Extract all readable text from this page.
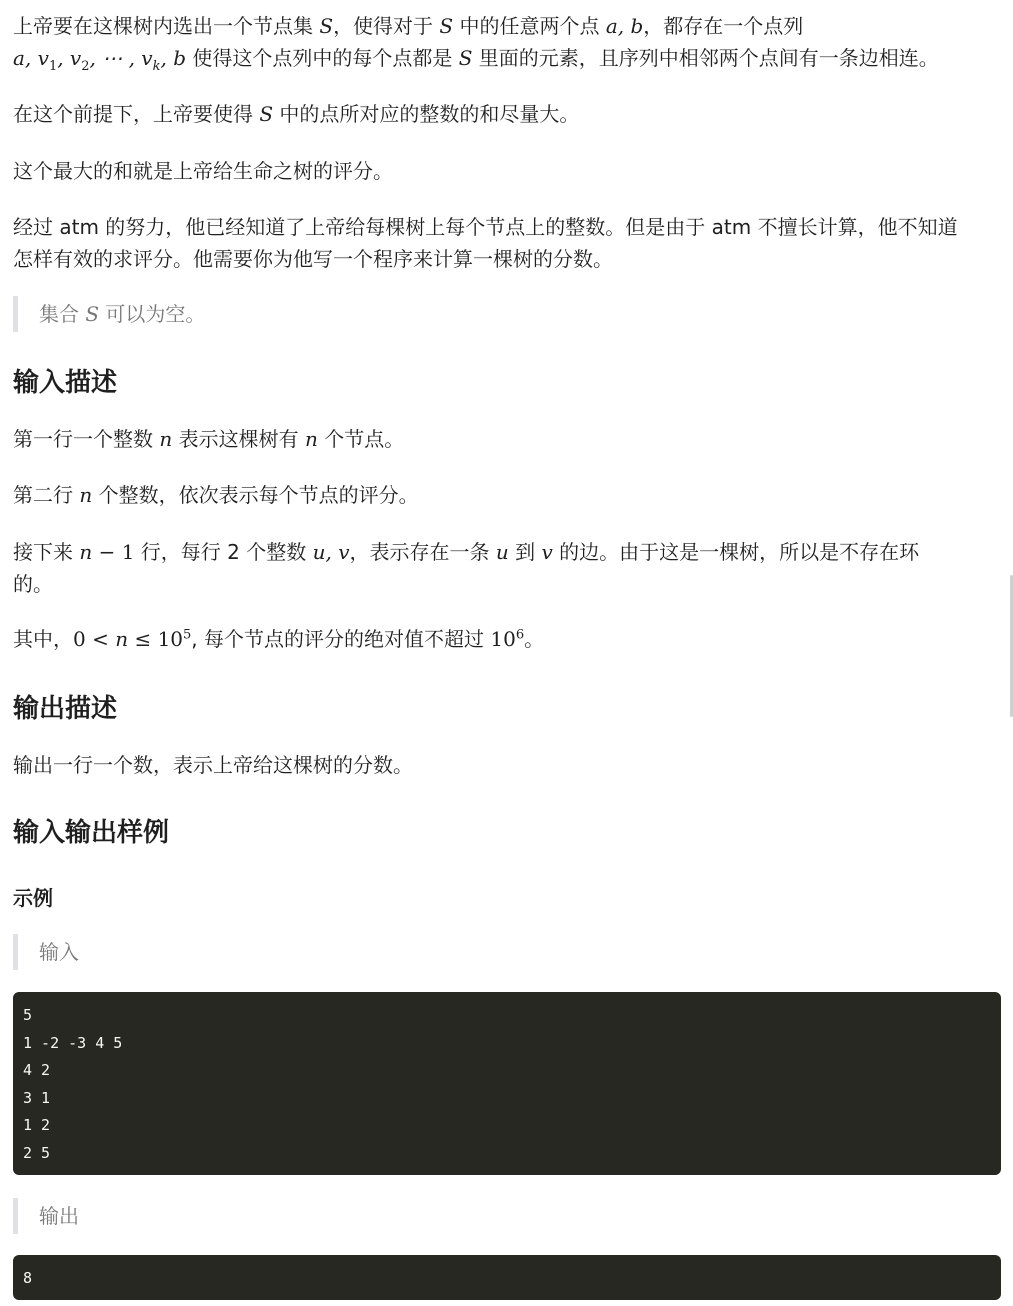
上帝要在这棵树内选出一个节点集 S，使得对于 S 中的任意两个点 a, b，都存在一个点列

a, $v_1$, $v_2$, ⋯ , $v_k$, b 使得这个点列中的每个点都是 S 里面的元素，且序列中相邻两个点间有一条边相连。

在这个前提下，上帝要使得 S 中的点所对应的整数的和尽量大。

这个最大的和就是上帝给生命之树的评分。

经过 atm 的努力，他已经知道了上帝给每棵树上每个节点上的整数。但是由于 atm 不擅长计算，他不知道

怎样有效的求评分。他需要你为他写一个程序来计算一棵树的分数。

集合 S 可以为空。
输入描述

第一行一个整数 n 表示这棵树有 n 个节点。

第二行 n 个整数，依次表示每个节点的评分。

接下来 n − 1 行，每行 2 个整数 u, v，表示存在一条 u 到 v 的边。由于这是一棵树，所以是不存在环

的。

其中，$0 < n \le 10^5$, 每个节点的评分的绝对值不超过 $10^6$。

输出描述

输出一行一个数，表示上帝给这棵树的分数。

输入输出样例
示例
输入
5
1 -2 -3 4 5
4 2
3 1
1 2
2 5
输出
8
